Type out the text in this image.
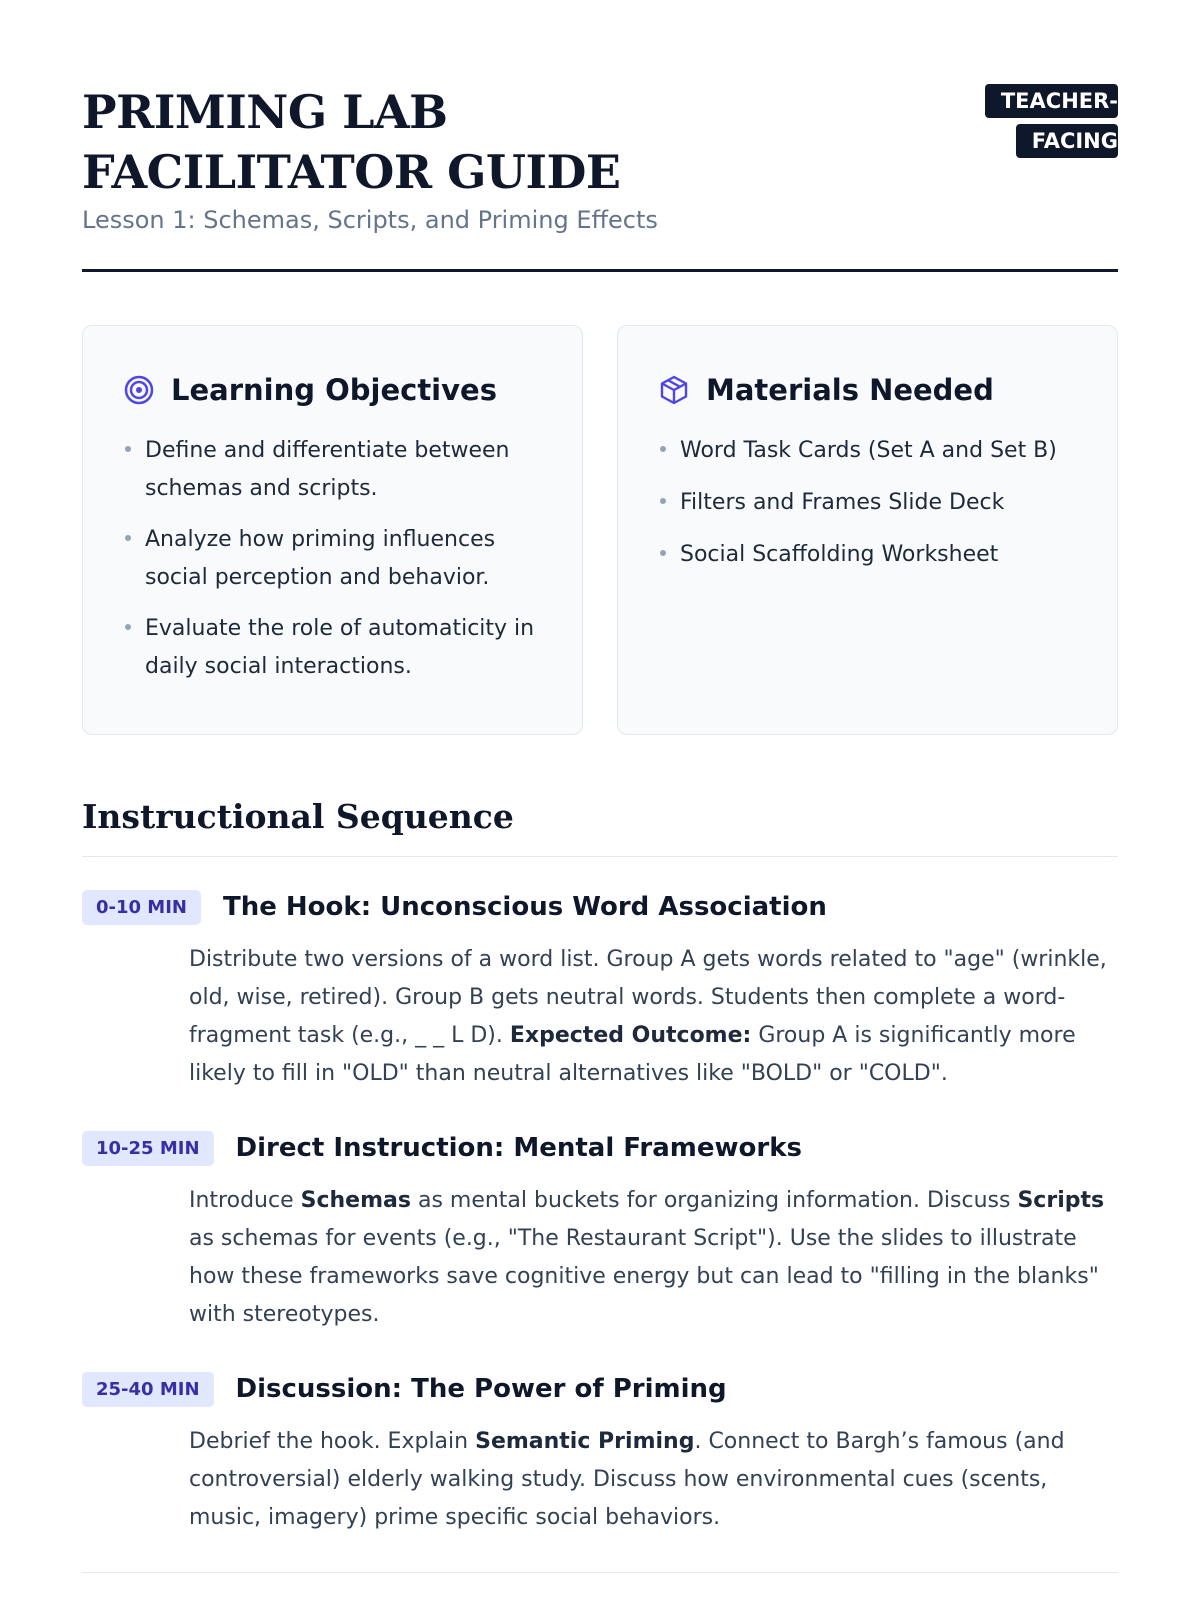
PRIMING LAB FACILITATOR GUIDE
Lesson 1: Schemas, Scripts, and Priming Effects
TEACHER-FACING
Learning Objectives
Define and differentiate between schemas and scripts.
Analyze how priming influences social perception and behavior.
Evaluate the role of automaticity in daily social interactions.
Materials Needed
Word Task Cards (Set A and Set B)
Filters and Frames Slide Deck
Social Scaffolding Worksheet
Instructional Sequence
0-10 MIN	The Hook: Unconscious Word Association

Distribute two versions of a word list. Group A gets words related to "age" (wrinkle, old, wise, retired). Group B gets neutral words. Students then complete a word-fragment task (e.g., _ _ L D). Expected Outcome: Group A is significantly more likely to fill in "OLD" than neutral alternatives like "BOLD" or "COLD".

10-25 MIN	Direct Instruction: Mental Frameworks

Introduce Schemas as mental buckets for organizing information. Discuss Scripts as schemas for events (e.g., "The Restaurant Script"). Use the slides to illustrate how these frameworks save cognitive energy but can lead to "filling in the blanks" with stereotypes.

25-40 MIN	Discussion: The Power of Priming

Debrief the hook. Explain Semantic Priming. Connect to Bargh’s famous (and controversial) elderly walking study. Discuss how environmental cues (scents, music, imagery) prime specific social behaviors.
